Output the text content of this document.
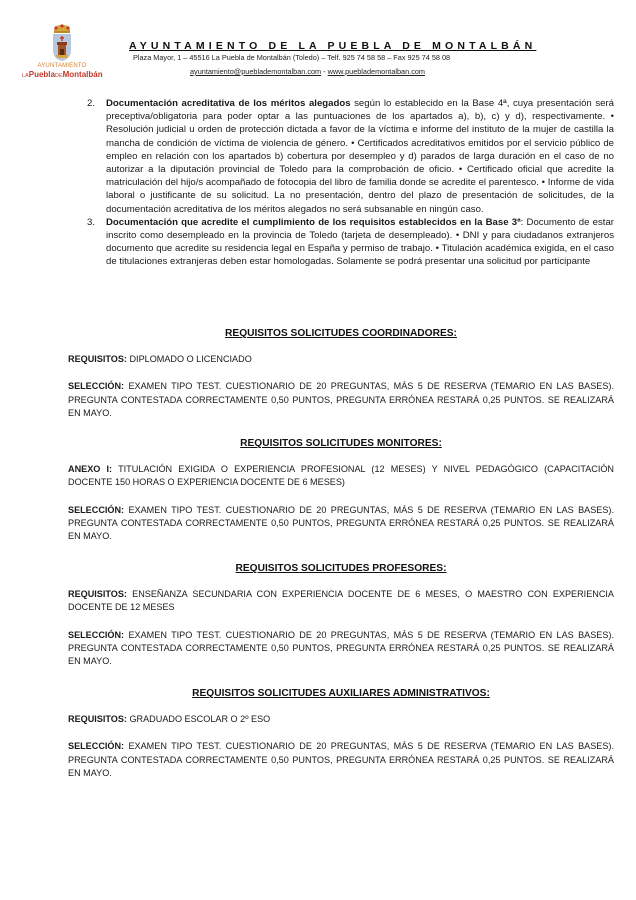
AYUNTAMIENTO
LAPueblaDEMontalbán
AYUNTAMIENTO DE LA PUEBLA DE MONTALBÁN
Plaza Mayor, 1 – 45516 La Puebla de Montalbán (Toledo) – Telf. 925 74 58 58 – Fax 925 74 58 08
ayuntamiento@pueblademontalban.com - www.pueblademontalban.com
2. Documentación acreditativa de los méritos alegados según lo establecido en la Base 4ª, cuya presentación será preceptiva/obligatoria para poder optar a las puntuaciones de los apartados a), b), c) y d), respectivamente. • Resolución judicial u orden de protección dictada a favor de la víctima e informe del instituto de la mujer de castilla la mancha de condición de víctima de violencia de género. • Certificados acreditativos emitidos por el servicio público de empleo en relación con los apartados b) cobertura por desempleo y d) parados de larga duración en el caso de no autorizar a la diputación provincial de Toledo para la comprobación de oficio. • Certificado oficial que acredite la matriculación del hijo/s acompañado de fotocopia del libro de familia donde se acredite el parentesco. • Informe de vida laboral o justificante de su solicitud. La no presentación, dentro del plazo de presentación de solicitudes, de la documentación acreditativa de los méritos alegados no será subsanable en ningún caso.
3. Documentación que acredite el cumplimiento de los requisitos establecidos en la Base 3ª: Documento de estar inscrito como desempleado en la provincia de Toledo (tarjeta de desempleado). • DNI y para ciudadanos extranjeros documento que acredite su residencia legal en España y permiso de trabajo. • Titulación académica exigida, en el caso de titulaciones extranjeras deben estar homologadas. Solamente se podrá presentar una solicitud por participante
REQUISITOS SOLICITUDES COORDINADORES:
REQUISITOS: DIPLOMADO O LICENCIADO
SELECCIÓN: EXAMEN TIPO TEST. CUESTIONARIO DE 20 PREGUNTAS, MÁS 5 DE RESERVA (TEMARIO EN LAS BASES). PREGUNTA CONTESTADA CORRECTAMENTE 0,50 PUNTOS, PREGUNTA ERRÓNEA RESTARÁ 0,25 PUNTOS. SE REALIZARÁ EN MAYO.
REQUISITOS SOLICITUDES MONITORES:
ANEXO I: TITULACIÓN EXIGIDA O EXPERIENCIA PROFESIONAL (12 MESES) Y NIVEL PEDAGÓGICO (CAPACITACIÓN DOCENTE 150 HORAS O EXPERIENCIA DOCENTE DE 6 MESES)
SELECCIÓN: EXAMEN TIPO TEST. CUESTIONARIO DE 20 PREGUNTAS, MÁS 5 DE RESERVA (TEMARIO EN LAS BASES). PREGUNTA CONTESTADA CORRECTAMENTE 0,50 PUNTOS, PREGUNTA ERRÓNEA RESTARÁ 0,25 PUNTOS. SE REALIZARÁ EN MAYO.
REQUISITOS SOLICITUDES PROFESORES:
REQUISITOS: ENSEÑANZA SECUNDARIA CON EXPERIENCIA DOCENTE DE 6 MESES, O MAESTRO CON EXPERIENCIA DOCENTE DE 12 MESES
SELECCIÓN: EXAMEN TIPO TEST. CUESTIONARIO DE 20 PREGUNTAS, MÁS 5 DE RESERVA (TEMARIO EN LAS BASES). PREGUNTA CONTESTADA CORRECTAMENTE 0,50 PUNTOS, PREGUNTA ERRÓNEA RESTARÁ 0,25 PUNTOS. SE REALIZARÁ EN MAYO.
REQUISITOS SOLICITUDES AUXILIARES ADMINISTRATIVOS:
REQUISITOS: GRADUADO ESCOLAR O 2º ESO
SELECCIÓN: EXAMEN TIPO TEST. CUESTIONARIO DE 20 PREGUNTAS, MÁS 5 DE RESERVA (TEMARIO EN LAS BASES). PREGUNTA CONTESTADA CORRECTAMENTE 0,50 PUNTOS, PREGUNTA ERRÓNEA RESTARÁ 0,25 PUNTOS. SE REALIZARÁ EN MAYO.
